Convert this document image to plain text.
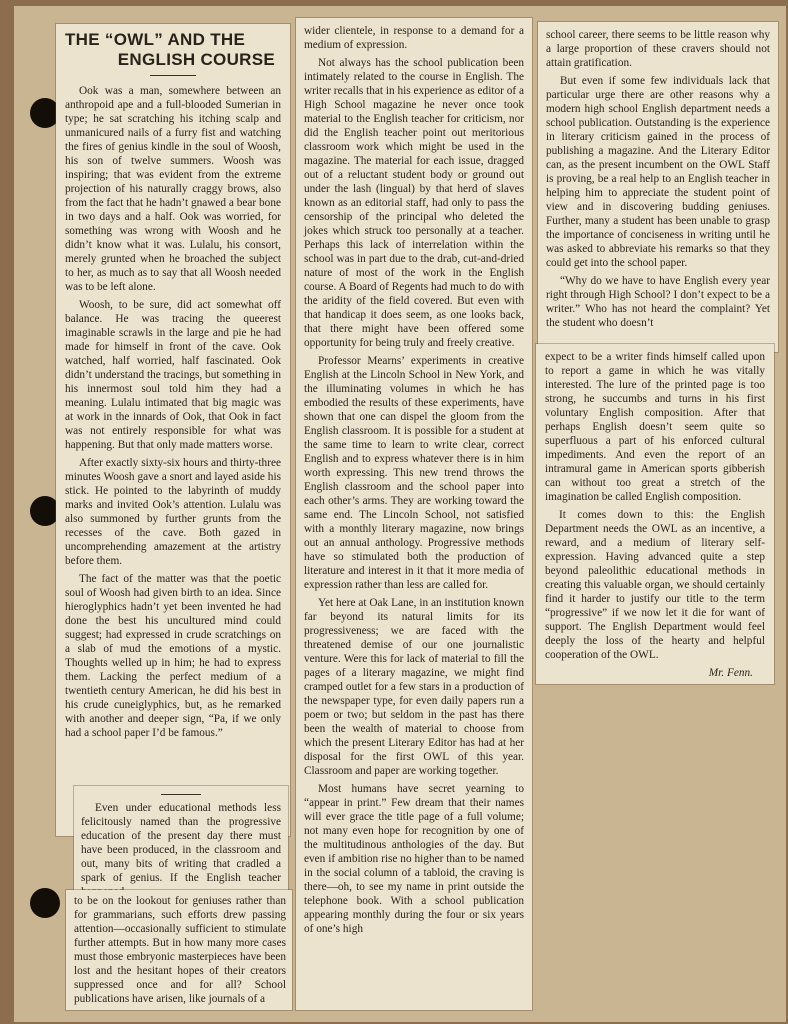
THE “OWL” AND THE
ENGLISH COURSE

Ook was a man, somewhere between an anthropoid ape and a full-blooded Sumerian in type; he sat scratching his itching scalp and unmanicured nails of a furry fist and watching the fires of genius kindle in the soul of Woosh, his son of twelve summers. Woosh was inspiring; that was evident from the extreme projection of his naturally craggy brows, also from the fact that he hadn’t gnawed a bear bone in two days and a half. Ook was worried, for something was wrong with Woosh and he didn’t know what it was. Lulalu, his consort, merely grunted when he broached the subject to her, as much as to say that all Woosh needed was to be left alone.

Woosh, to be sure, did act somewhat off balance. He was tracing the queerest imaginable scrawls in the large and pie he had made for himself in front of the cave. Ook watched, half worried, half fascinated. Ook didn’t understand the tracings, but something in his innermost soul told him they had a meaning. Lulalu intimated that big magic was at work in the innards of Ook, that Ook in fact was not entirely responsible for what was happening. But that only made matters worse.

After exactly sixty-six hours and thirty-three minutes Woosh gave a snort and layed aside his stick. He pointed to the labyrinth of muddy marks and invited Ook’s attention. Lulalu was also summoned by further grunts from the recesses of the cave. Both gazed in uncomprehending amazement at the artistry before them.

The fact of the matter was that the poetic soul of Woosh had given birth to an idea. Since hieroglyphics hadn’t yet been invented he had done the best his uncultured mind could suggest; had expressed in crude scratchings on a slab of mud the emotions of a mystic. Thoughts welled up in him; he had to express them. Lacking the perfect medium of a twentieth century American, he did his best in his crude cuneiglyphics, but, as he remarked with another and deeper sign, “Pa, if we only had a school paper I’d be famous.”

Even under educational methods less felicitously named than the progressive education of the present day there must have been produced, in the classroom and out, many bits of writing that cradled a spark of genius. If the English teacher

to be on the lookout for geniuses rather than for grammarians, such efforts drew passing attention—occasionally sufficient to stimulate further attempts. But in how many more cases must those embryonic masterpieces have been lost and the hesitant hopes of their creators suppressed once and for all? School publications have arisen, like journals of a

wider clientele, in response to a demand for a medium of expression.

Not always has the school publication been intimately related to the course in English. The writer recalls that in his experience as editor of a High School magazine he never once took material to the English teacher for criticism, nor did the English teacher point out meritorious classroom work which might be used in the magazine. The material for each issue, dragged out of a reluctant student body or ground out under the lash (lingual) by that herd of slaves known as an editorial staff, had only to pass the censorship of the principal who deleted the jokes which struck too personally at a teacher. Perhaps this lack of interrelation within the school was in part due to the drab, cut-and-dried nature of most of the work in the English course. A Board of Regents had much to do with the aridity of the field covered. But even with that handicap it does seem, as one looks back, that there might have been offered some opportunity for being truly and freely creative.

Professor Mearns’ experiments in creative English at the Lincoln School in New York, and the illuminating volumes in which he has embodied the results of these experiments, have shown that one can dispel the gloom from the English classroom. It is possible for a student at the same time to learn to write clear, correct English and to express whatever there is in him worth expressing. This new trend throws the English classroom and the school paper into each other’s arms. They are working toward the same end. The Lincoln School, not satisfied with a monthly literary magazine, now brings out an annual anthology. Progressive methods have so stimulated both the production of literature and interest in it that it more media of expression rather than less are called for.

Yet here at Oak Lane, in an institution known far beyond its natural limits for its progressiveness; we are faced with the threatened demise of our one journalistic venture. Were this for lack of material to fill the pages of a literary magazine, we might find cramped outlet for a few stars in a production of the newspaper type, for even daily papers run a poem or two; but seldom in the past has there been the wealth of material to choose from which the present Literary Editor has had at her disposal for the first OWL of this year. Classroom and paper are working together.

Most humans have secret yearning to “appear in print.” Few dream that their names will ever grace the title page of a full volume; not many even hope for recognition by one of the multitudinous anthologies of the day. But even if ambition rise no higher than to be named in the social column of a tabloid, the craving is there—oh, to see my name in print outside the telephone book. With a school publication appearing monthly during the four or six years of one’s high

school career, there seems to be little reason why a large proportion of these cravers should not attain gratification.

But even if some few individuals lack that particular urge there are other reasons why a modern high school English department needs a school publication. Outstanding is the experience in literary criticism gained in the process of publishing a magazine. And the Literary Editor can, as the present incumbent on the OWL Staff is proving, be a real help to an English teacher in helping him to appreciate the student point of view and in discovering budding geniuses. Further, many a student has been unable to grasp the importance of conciseness in writing until he was asked to abbreviate his remarks so that they could get into the school paper.

“Why do we have to have English every year right through High School? I don’t expect to be a writer.” Who has not heard the complaint? Yet the student who doesn’t

expect to be a writer finds himself called upon to report a game in which he was vitally interested. The lure of the printed page is too strong, he succumbs and turns in his first voluntary English composition. After that perhaps English doesn’t seem quite so superfluous a part of his enforced cultural impediments. And even the report of an intramural game in American sports gibberish can without too great a stretch of the imagination be called English composition.

It comes down to this: the English Department needs the OWL as an incentive, a reward, and a medium of literary self-expression. Having advanced quite a step beyond paleolithic educational methods in creating this valuable organ, we should certainly find it harder to justify our title to the term “progressive” if we now let it die for want of support. The English Department would feel deeply the loss of the hearty and helpful cooperation of the OWL.

Mr. Fenn.
